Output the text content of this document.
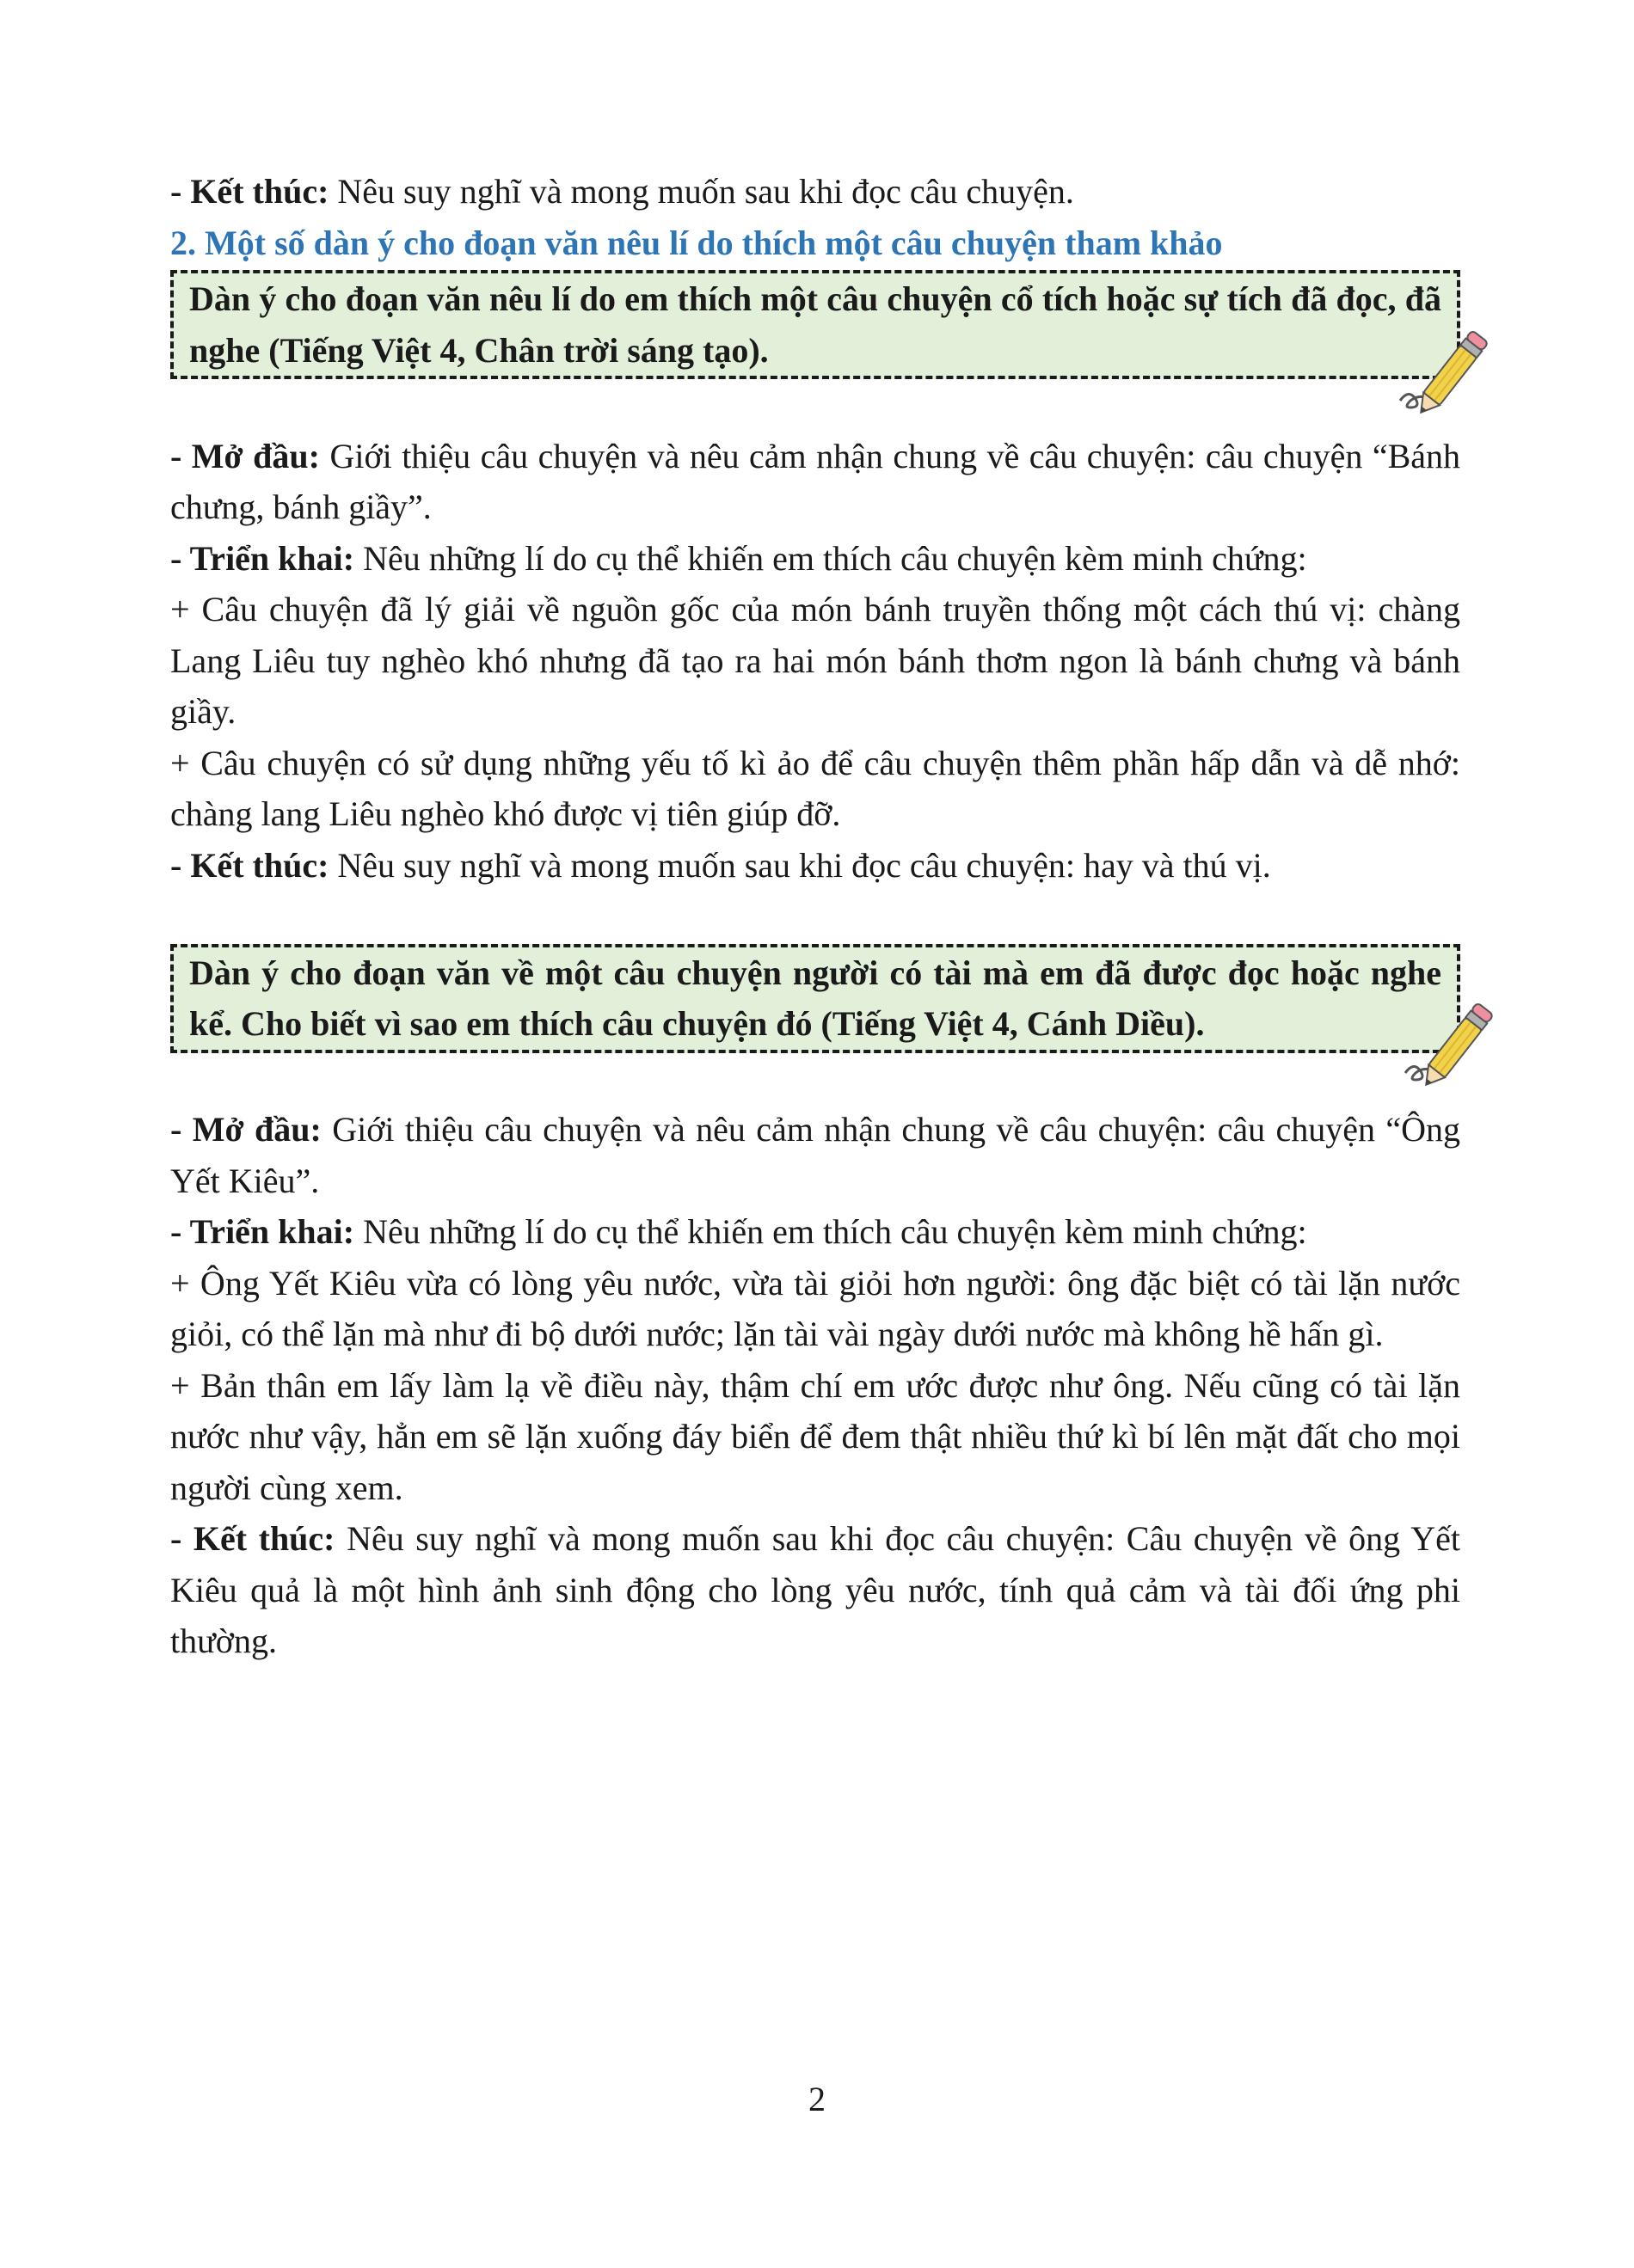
- Kết thúc: Nêu suy nghĩ và mong muốn sau khi đọc câu chuyện.

2. Một số dàn ý cho đoạn văn nêu lí do thích một câu chuyện tham khảo

Dàn ý cho đoạn văn nêu lí do em thích một câu chuyện cổ tích hoặc sự tích đã đọc, đã nghe (Tiếng Việt 4, Chân trời sáng tạo).

- Mở đầu: Giới thiệu câu chuyện và nêu cảm nhận chung về câu chuyện: câu chuyện “Bánh chưng, bánh giầy”.

- Triển khai: Nêu những lí do cụ thể khiến em thích câu chuyện kèm minh chứng:

+ Câu chuyện đã lý giải về nguồn gốc của món bánh truyền thống một cách thú vị: chàng Lang Liêu tuy nghèo khó nhưng đã tạo ra hai món bánh thơm ngon là bánh chưng và bánh giầy.

+ Câu chuyện có sử dụng những yếu tố kì ảo để câu chuyện thêm phần hấp dẫn và dễ nhớ: chàng lang Liêu nghèo khó được vị tiên giúp đỡ.

- Kết thúc: Nêu suy nghĩ và mong muốn sau khi đọc câu chuyện: hay và thú vị.

Dàn ý cho đoạn văn về một câu chuyện người có tài mà em đã được đọc hoặc nghe kể. Cho biết vì sao em thích câu chuyện đó (Tiếng Việt 4, Cánh Diều).

- Mở đầu: Giới thiệu câu chuyện và nêu cảm nhận chung về câu chuyện: câu chuyện “Ông Yết Kiêu”.

- Triển khai: Nêu những lí do cụ thể khiến em thích câu chuyện kèm minh chứng:

+ Ông Yết Kiêu vừa có lòng yêu nước, vừa tài giỏi hơn người: ông đặc biệt có tài lặn nước giỏi, có thể lặn mà như đi bộ dưới nước; lặn tài vài ngày dưới nước mà không hề hấn gì.

+ Bản thân em lấy làm lạ về điều này, thậm chí em ước được như ông. Nếu cũng có tài lặn nước như vậy, hẳn em sẽ lặn xuống đáy biển để đem thật nhiều thứ kì bí lên mặt đất cho mọi người cùng xem.

- Kết thúc: Nêu suy nghĩ và mong muốn sau khi đọc câu chuyện: Câu chuyện về ông Yết Kiêu quả là một hình ảnh sinh động cho lòng yêu nước, tính quả cảm và tài đối ứng phi thường.

2
